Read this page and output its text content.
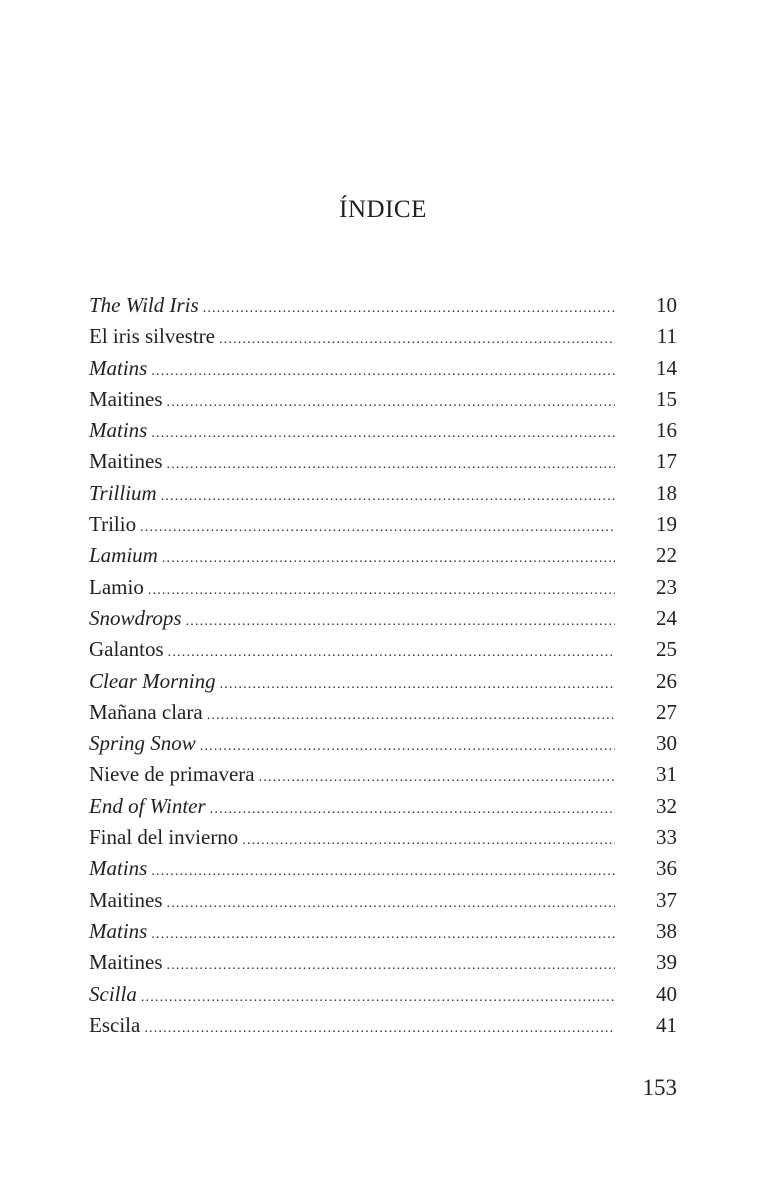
ÍNDICE
The Wild Iris .....	10
El iris silvestre .....	11
Matins .....	14
Maitines .....	15
Matins .....	16
Maitines .....	17
Trillium .....	18
Trilio .....	19
Lamium .....	22
Lamio .....	23
Snowdrops .....	24
Galantos .....	25
Clear Morning .....	26
Mañana clara .....	27
Spring Snow .....	30
Nieve de primavera .....	31
End of Winter .....	32
Final del invierno .....	33
Matins .....	36
Maitines .....	37
Matins .....	38
Maitines .....	39
Scilla .....	40
Escila .....	41
153
